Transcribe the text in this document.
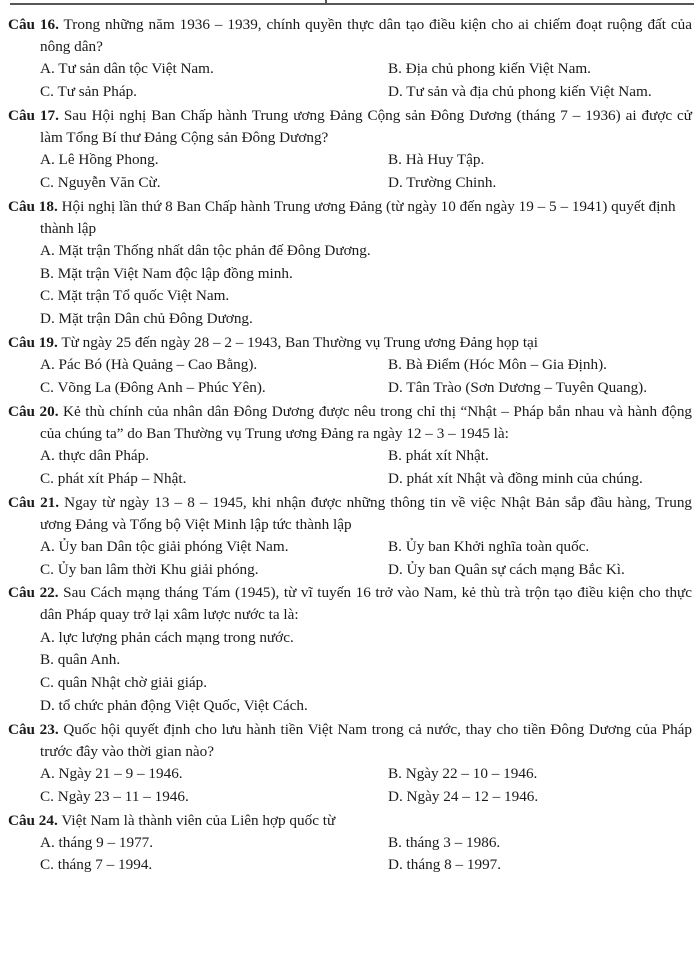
Câu 16. Trong những năm 1936 – 1939, chính quyền thực dân tạo điều kiện cho ai chiếm đoạt ruộng đất của nông dân?

A. Tư sản dân tộc Việt Nam.	B. Địa chủ phong kiến Việt Nam.
C. Tư sản Pháp.	D. Tư sản và địa chủ phong kiến Việt Nam.

Câu 17. Sau Hội nghị Ban Chấp hành Trung ương Đảng Cộng sản Đông Dương (tháng 7 – 1936) ai được cử làm Tổng Bí thư Đảng Cộng sản Đông Dương?

A. Lê Hồng Phong.	B. Hà Huy Tập.
C. Nguyễn Văn Cừ.	D. Trường Chinh.

Câu 18. Hội nghị lần thứ 8 Ban Chấp hành Trung ương Đảng (từ ngày 10 đến ngày 19 – 5 – 1941) quyết định thành lập

A. Mặt trận Thống nhất dân tộc phản đế Đông Dương.
B. Mặt trận Việt Nam độc lập đồng minh.
C. Mặt trận Tổ quốc Việt Nam.
D. Mặt trận Dân chủ Đông Dương.

Câu 19. Từ ngày 25 đến ngày 28 – 2 – 1943, Ban Thường vụ Trung ương Đảng họp tại

A. Pác Bó (Hà Quảng – Cao Bằng).	B. Bà Điểm (Hóc Môn – Gia Định).
C. Võng La (Đông Anh – Phúc Yên).	D. Tân Trào (Sơn Dương – Tuyên Quang).

Câu 20. Kẻ thù chính của nhân dân Đông Dương được nêu trong chỉ thị “Nhật – Pháp bắn nhau và hành động của chúng ta” do Ban Thường vụ Trung ương Đảng ra ngày 12 – 3 – 1945 là:

A. thực dân Pháp.	B. phát xít Nhật.
C. phát xít Pháp – Nhật.	D. phát xít Nhật và đồng minh của chúng.

Câu 21. Ngay từ ngày 13 – 8 – 1945, khi nhận được những thông tin về việc Nhật Bản sắp đầu hàng, Trung ương Đảng và Tổng bộ Việt Minh lập tức thành lập

A. Ủy ban Dân tộc giải phóng Việt Nam.	B. Ủy ban Khởi nghĩa toàn quốc.
C. Ủy ban lâm thời Khu giải phóng.	D. Ủy ban Quân sự cách mạng Bắc Kì.

Câu 22. Sau Cách mạng tháng Tám (1945), từ vĩ tuyến 16 trở vào Nam, kẻ thù trà trộn tạo điều kiện cho thực dân Pháp quay trở lại xâm lược nước ta là:

A. lực lượng phản cách mạng trong nước.
B. quân Anh.
C. quân Nhật chờ giải giáp.
D. tổ chức phản động Việt Quốc, Việt Cách.

Câu 23. Quốc hội quyết định cho lưu hành tiền Việt Nam trong cả nước, thay cho tiền Đông Dương của Pháp trước đây vào thời gian nào?

A. Ngày 21 – 9 – 1946.	B. Ngày 22 – 10 – 1946.
C. Ngày 23 – 11 – 1946.	D. Ngày 24 – 12 – 1946.

Câu 24. Việt Nam là thành viên của Liên hợp quốc từ

A. tháng 9 – 1977.	B. tháng 3 – 1986.
C. tháng 7 – 1994.	D. tháng 8 – 1997.
